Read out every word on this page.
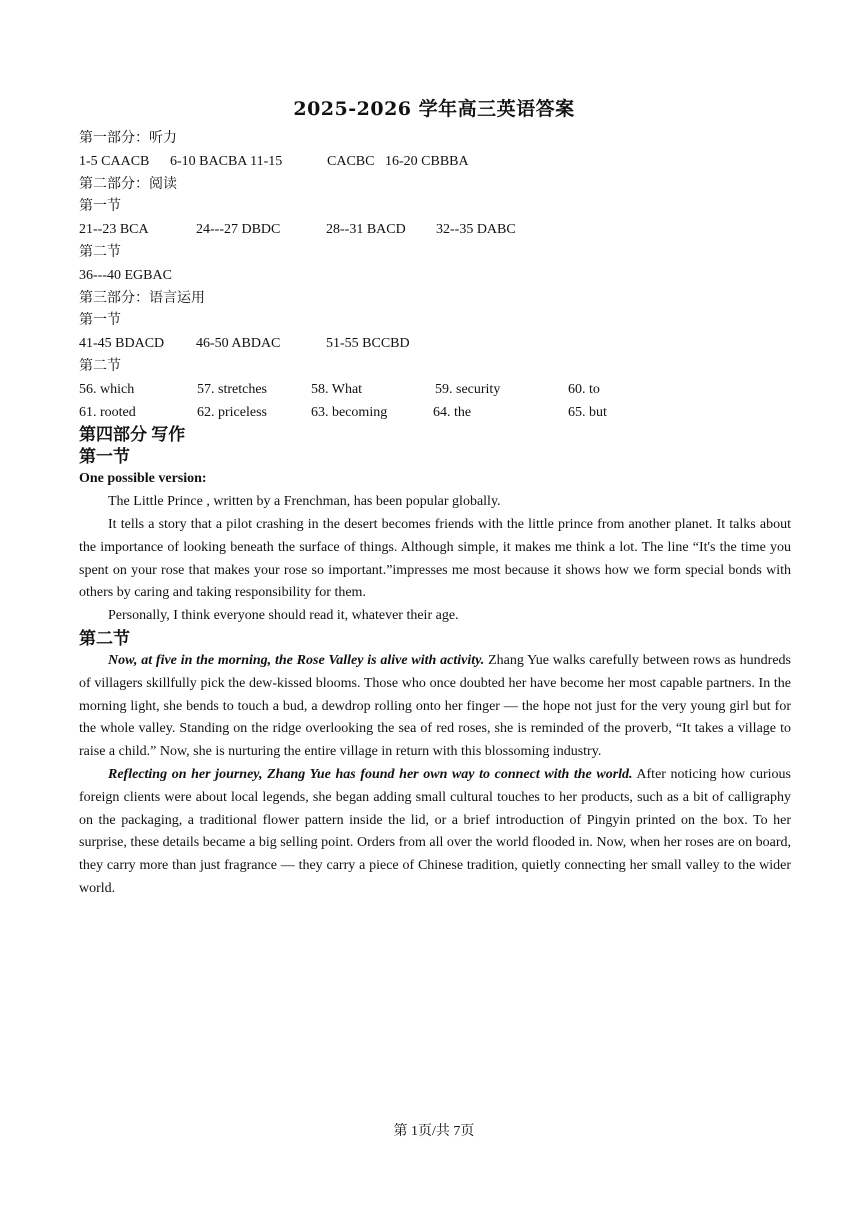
2025-2026 学年高三英语答案
第一部分：听力
1-5 CAACB	6-10 BACBA 11-15	CACBC 16-20 CBBBA
第二部分：阅读
第一节
21--23 BCA	24---27 DBDC	28--31 BACD	32--35 DABC
第二节
36---40 EGBAC
第三部分：语言运用
第一节
41-45 BDACD	46-50 ABDAC	51-55 BCCBD
第二节
56. which	57. stretches	58. What	59. security	60. to
61. rooted	62. priceless	63. becoming	64. the	65. but
第四部分 写作
第一节
One possible version:

The Little Prince , written by a Frenchman, has been popular globally.

It tells a story that a pilot crashing in the desert becomes friends with the little prince from another planet. It talks about the importance of looking beneath the surface of things. Although simple, it makes me think a lot. The line “It's the time you spent on your rose that makes your rose so important.”impresses me most because it shows how we form special bonds with others by caring and taking responsibility for them.

Personally, I think everyone should read it, whatever their age.

第二节

Now, at five in the morning, the Rose Valley is alive with activity. Zhang Yue walks carefully between rows as hundreds of villagers skillfully pick the dew-kissed blooms. Those who once doubted her have become her most capable partners. In the morning light, she bends to touch a bud, a dewdrop rolling onto her finger — the hope not just for the very young girl but for the whole valley. Standing on the ridge overlooking the sea of red roses, she is reminded of the proverb, “It takes a village to raise a child.” Now, she is nurturing the entire village in return with this blossoming industry.

Reflecting on her journey, Zhang Yue has found her own way to connect with the world. After noticing how curious foreign clients were about local legends, she began adding small cultural touches to her products, such as a bit of calligraphy on the packaging, a traditional flower pattern inside the lid, or a brief introduction of Pingyin printed on the box. To her surprise, these details became a big selling point. Orders from all over the world flooded in. Now, when her roses are on board, they carry more than just fragrance — they carry a piece of Chinese tradition, quietly connecting her small valley to the wider world.

第 1页/共 7页
